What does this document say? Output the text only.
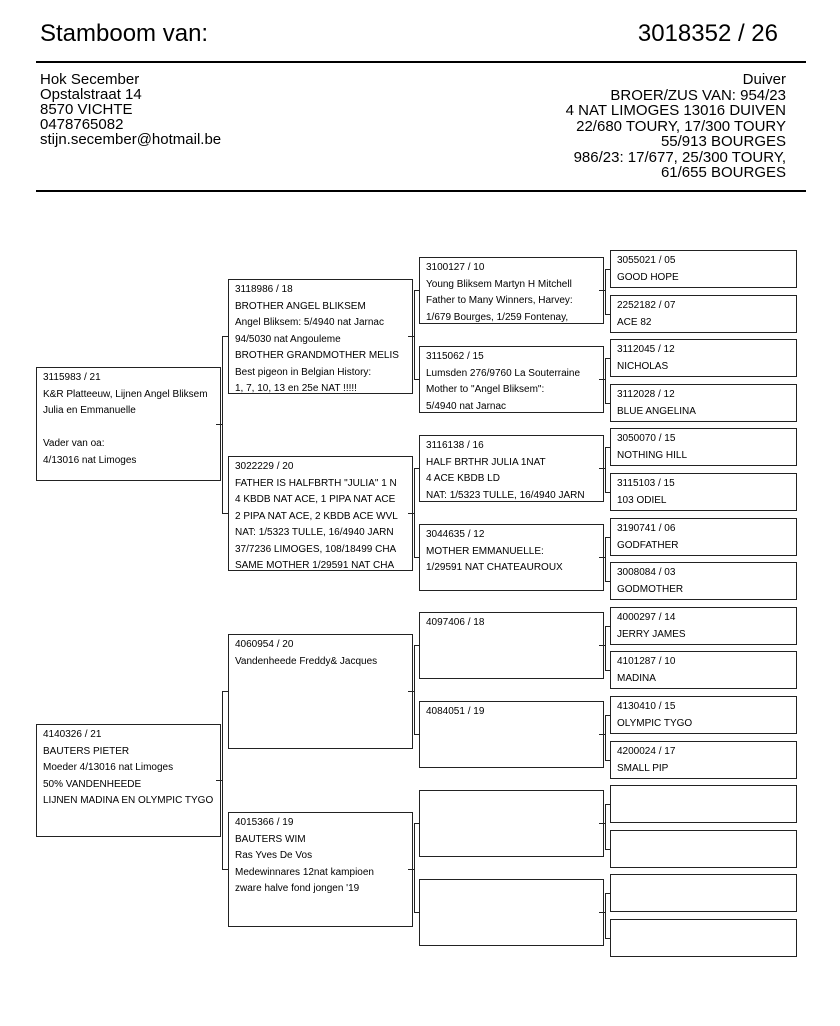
Stamboom van:	3018352 / 26
Hok Secember
Opstalstraat 14
8570 VICHTE
0478765082
stijn.secember@hotmail.be
Duiver
BROER/ZUS VAN: 954/23
4 NAT LIMOGES 13016 DUIVEN
22/680 TOURY, 17/300 TOURY
55/913 BOURGES
986/23: 17/677, 25/300 TOURY,
61/655 BOURGES
3115983 / 21
K&R Platteeuw, Lijnen Angel Bliksem
Julia en Emmanuelle

Vader van oa:
4/13016 nat Limoges
4140326 / 21
BAUTERS PIETER
Moeder 4/13016 nat Limoges
50% VANDENHEEDE
LIJNEN MADINA EN OLYMPIC TYGO
3118986 / 18
BROTHER ANGEL BLIKSEM
Angel Bliksem: 5/4940 nat Jarnac
94/5030 nat Angouleme
BROTHER GRANDMOTHER MELIS
Best pigeon in Belgian History:
1, 7, 10, 13 en 25e NAT !!!!!
3022229 / 20
FATHER IS HALFBRTH "JULIA" 1 N
4 KBDB NAT ACE, 1 PIPA NAT ACE
2 PIPA NAT ACE, 2 KBDB ACE WVL
NAT: 1/5323 TULLE, 16/4940 JARN
37/7236 LIMOGES, 108/18499 CHA
SAME MOTHER 1/29591 NAT CHA
4060954 / 20
Vandenheede Freddy& Jacques
4015366 / 19
BAUTERS WIM
Ras Yves De Vos
Medewinnares 12nat kampioen
zware halve fond jongen '19
3100127 / 10
Young Bliksem Martyn H Mitchell
Father to Many Winners, Harvey:
1/679 Bourges, 1/259 Fontenay,
3115062 / 15
Lumsden 276/9760 La Souterraine
Mother to "Angel Bliksem":
5/4940 nat Jarnac
3116138 / 16
HALF BRTHR JULIA 1NAT
4 ACE KBDB LD
NAT: 1/5323 TULLE, 16/4940 JARN
3044635 / 12
MOTHER EMMANUELLE:
1/29591 NAT CHATEAUROUX
4097406 / 18
4084051 / 19
3055021 / 05
GOOD HOPE
2252182 / 07
ACE 82
3112045 / 12
NICHOLAS
3112028 / 12
BLUE ANGELINA
3050070 / 15
NOTHING HILL
3115103 / 15
103 ODIEL
3190741 / 06
GODFATHER
3008084 / 03
GODMOTHER
4000297 / 14
JERRY JAMES
4101287 / 10
MADINA
4130410 / 15
OLYMPIC TYGO
4200024 / 17
SMALL PIP
